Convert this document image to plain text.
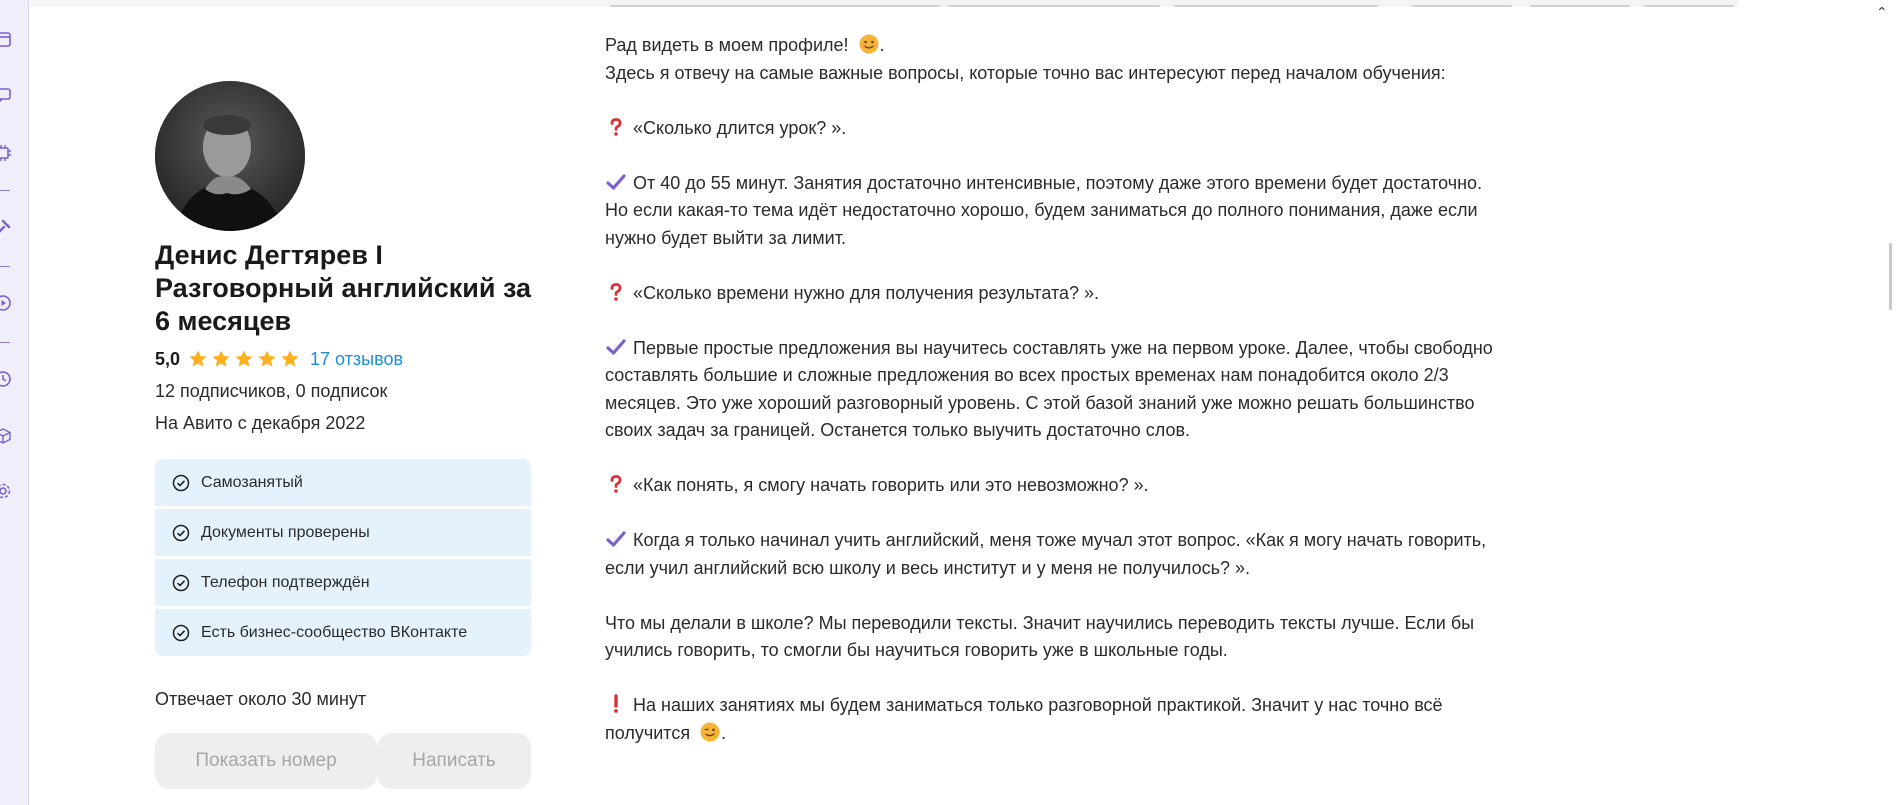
⌃
Денис Дегтярев I Разговорный английский за 6 месяцев
5,0	17 отзывов
12 подписчиков, 0 подписок
На Авито с декабря 2022
Самозанятый
Документы проверены
Телефон подтверждён
Есть бизнес-сообщество ВКонтакте
Отвечает около 30 минут
Показать номер	Написать
Рад видеть в моем профиле! .
Здесь я отвечу на самые важные вопросы, которые точно вас интересуют перед началом обучения:
«Сколько длится урок? ».
От 40 до 55 минут. Занятия достаточно интенсивные, поэтому даже этого времени будет достаточно. Но если какая-то тема идёт недостаточно хорошо, будем заниматься до полного понимания, даже если нужно будет выйти за лимит.
«Сколько времени нужно для получения результата? ».
Первые простые предложения вы научитесь составлять уже на первом уроке. Далее, чтобы свободно составлять большие и сложные предложения во всех простых временах нам понадобится около 2/3 месяцев. Это уже хороший разговорный уровень. С этой базой знаний уже можно решать большинство своих задач за границей. Останется только выучить достаточно слов.
«Как понять, я смогу начать говорить или это невозможно? ».
Когда я только начинал учить английский, меня тоже мучал этот вопрос. «Как я могу начать говорить, если учил английский всю школу и весь институт и у меня не получилось? ».
Что мы делали в школе? Мы переводили тексты. Значит научились переводить тексты лучше. Если бы учились говорить, то смогли бы научиться говорить уже в школьные годы.
На наших занятиях мы будем заниматься только разговорной практикой. Значит у нас точно всё получится .
